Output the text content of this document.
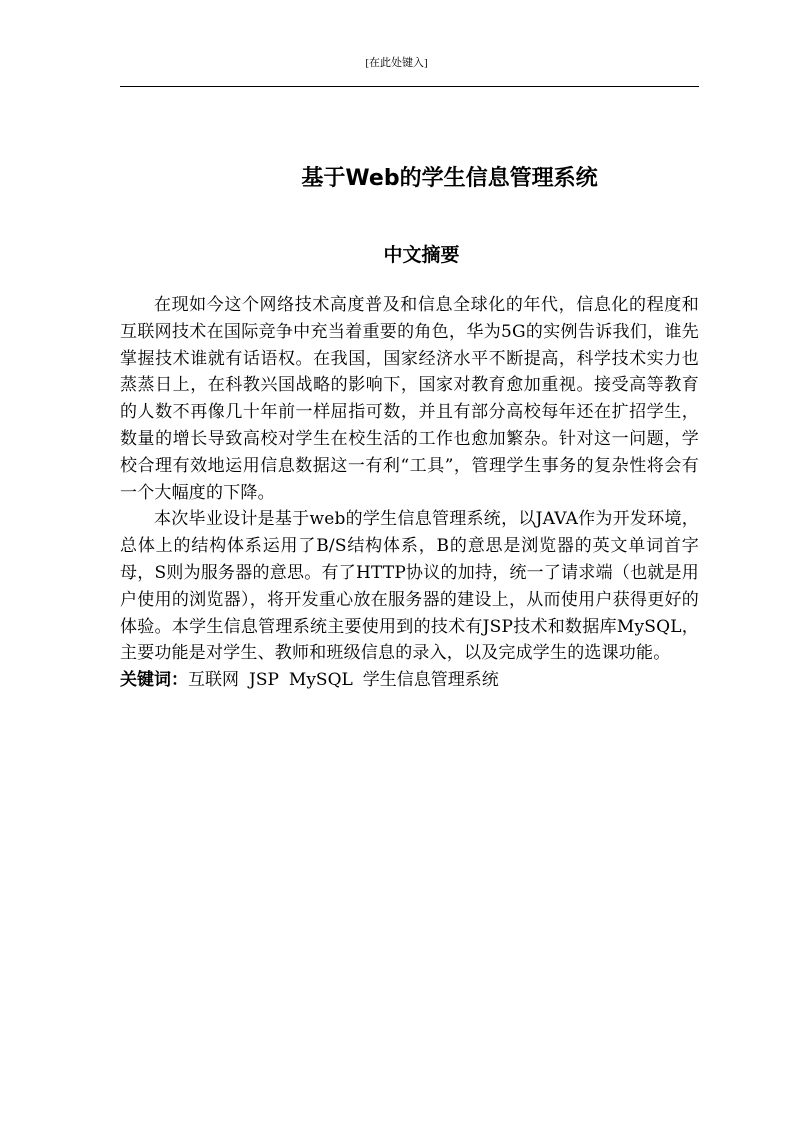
[在此处键入]
基于Web的学生信息管理系统
中文摘要

在现如今这个网络技术高度普及和信息全球化的年代，信息化的程度和互联网技术在国际竞争中充当着重要的角色，华为5G的实例告诉我们，谁先掌握技术谁就有话语权。在我国，国家经济水平不断提高，科学技术实力也蒸蒸日上，在科教兴国战略的影响下，国家对教育愈加重视。接受高等教育的人数不再像几十年前一样屈指可数，并且有部分高校每年还在扩招学生，数量的增长导致高校对学生在校生活的工作也愈加繁杂。针对这一问题，学校合理有效地运用信息数据这一有利“工具”，管理学生事务的复杂性将会有一个大幅度的下降。

本次毕业设计是基于web的学生信息管理系统，以JAVA作为开发环境，总体上的结构体系运用了B/S结构体系，B的意思是浏览器的英文单词首字母，S则为服务器的意思。有了HTTP协议的加持，统一了请求端（也就是用户使用的浏览器），将开发重心放在服务器的建设上，从而使用户获得更好的体验。本学生信息管理系统主要使用到的技术有JSP技术和数据库MySQL，主要功能是对学生、教师和班级信息的录入，以及完成学生的选课功能。

关键词：互联网 JSP MySQL 学生信息管理系统
